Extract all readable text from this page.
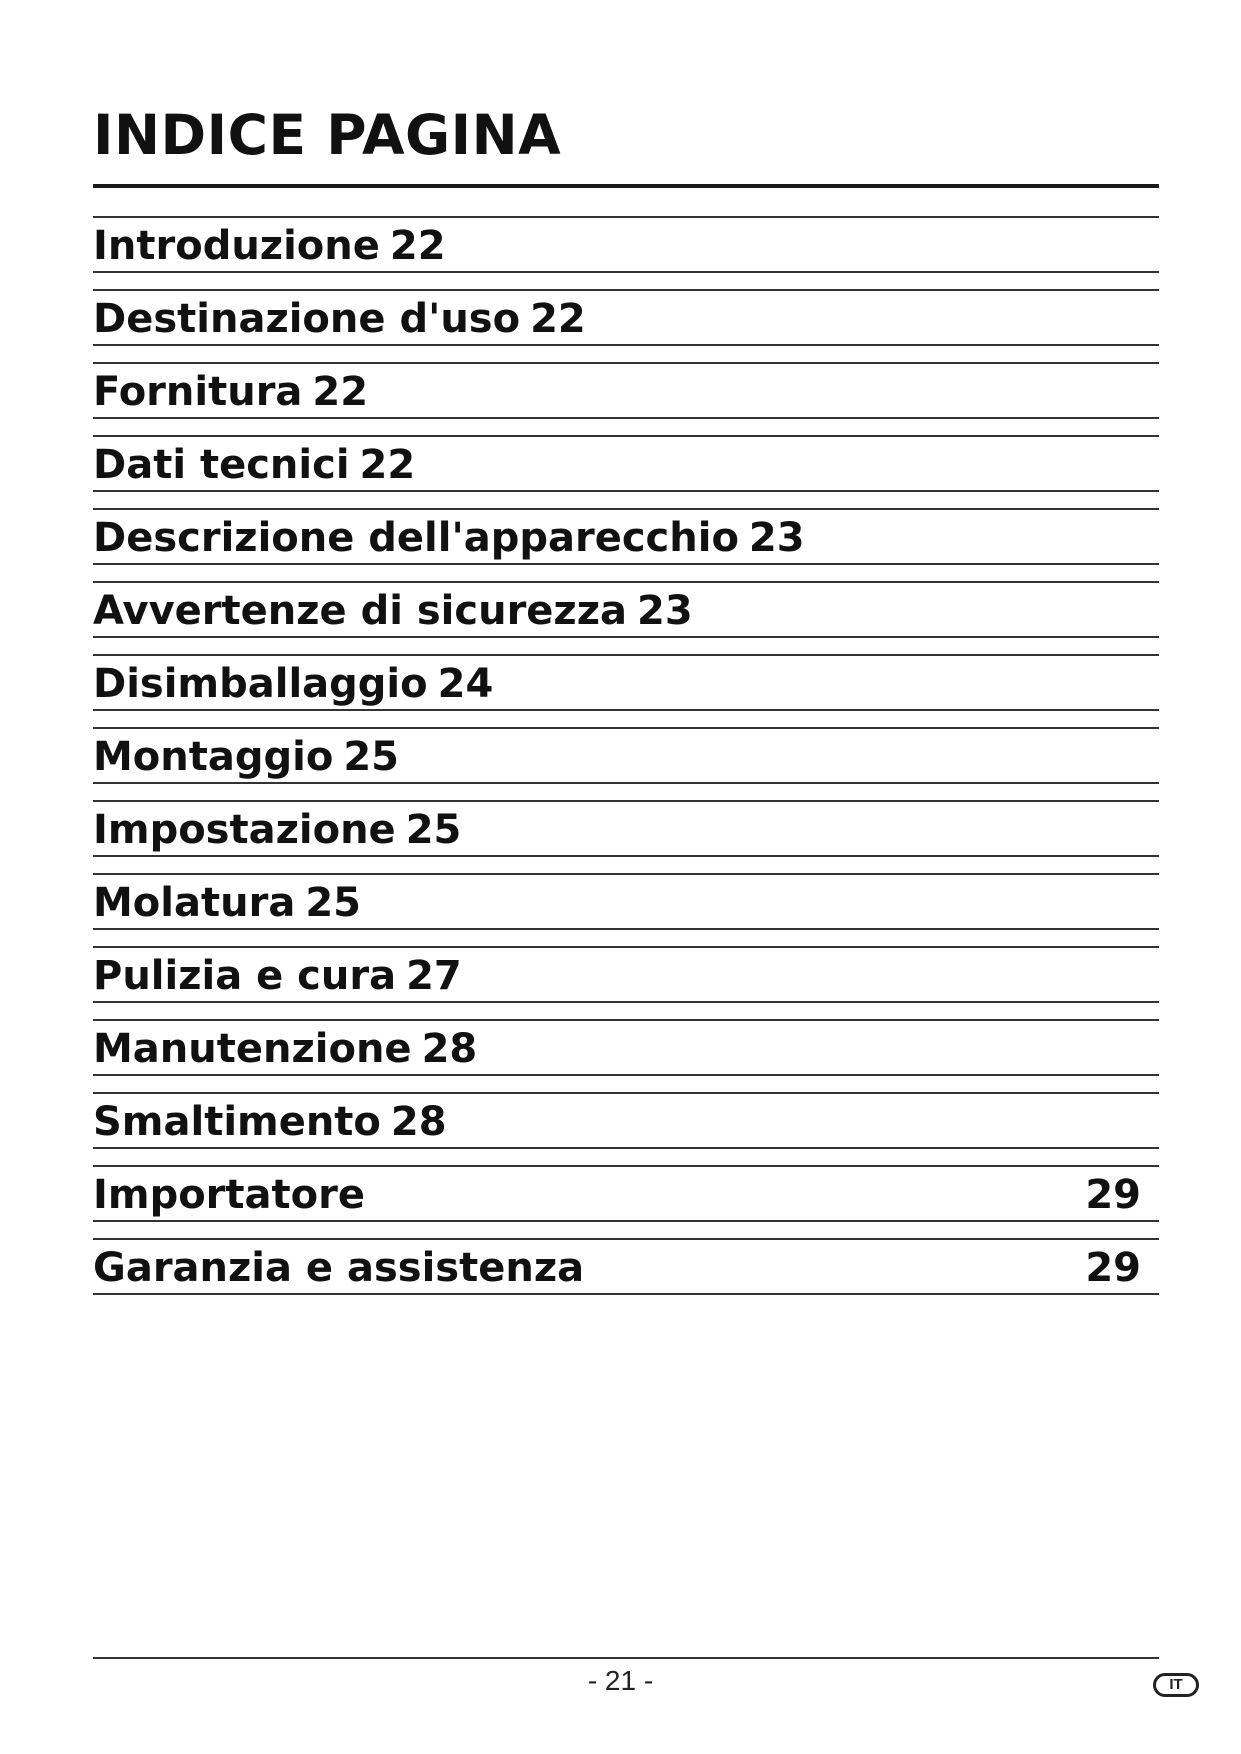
INDICE PAGINA
Introduzione 22
Destinazione d'uso 22
Fornitura 22
Dati tecnici 22
Descrizione dell'apparecchio 23
Avvertenze di sicurezza 23
Disimballaggio 24
Montaggio 25
Impostazione 25
Molatura 25
Pulizia e cura 27
Manutenzione 28
Smaltimento 28
Importatore	29
Garanzia e assistenza	29
- 21 -	IT
